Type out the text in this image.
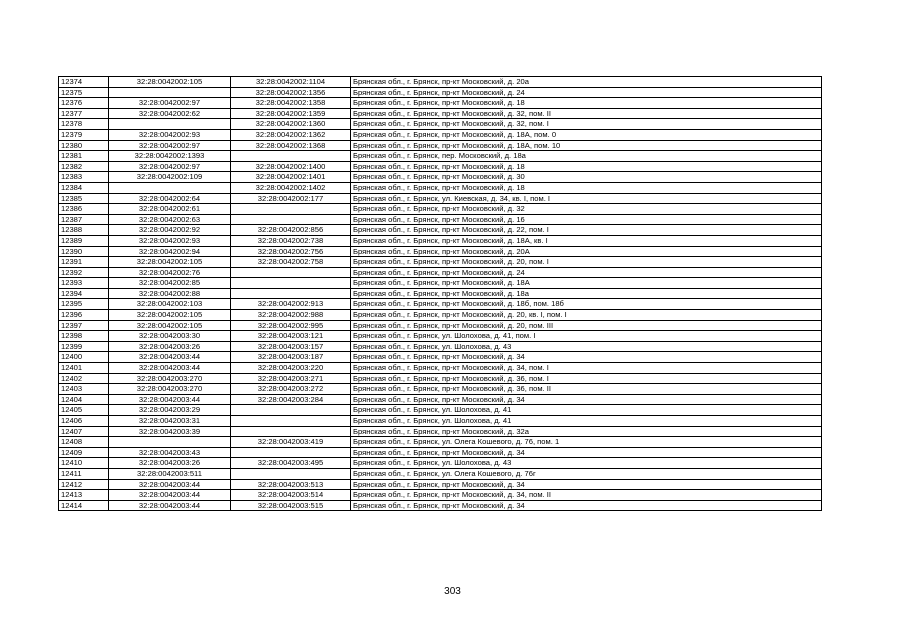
12374	32:28:0042002:105	32:28:0042002:1104	Брянская обл., г. Брянск, пр-кт Московский, д. 20а
12375		32:28:0042002:1356	Брянская обл., г. Брянск, пр-кт Московский, д. 24
12376	32:28:0042002:97	32:28:0042002:1358	Брянская обл., г. Брянск, пр-кт Московский, д. 18
12377	32:28:0042002:62	32:28:0042002:1359	Брянская обл., г. Брянск, пр-кт Московский, д. 32, пом. II
12378		32:28:0042002:1360	Брянская обл., г. Брянск, пр-кт Московский, д. 32, пом. I
12379	32:28:0042002:93	32:28:0042002:1362	Брянская обл., г. Брянск, пр-кт Московский, д. 18А, пом. 0
12380	32:28:0042002:97	32:28:0042002:1368	Брянская обл., г. Брянск, пр-кт Московский, д. 18А, пом. 10
12381	32:28:0042002:1393		Брянская обл., г. Брянск, пер. Московский, д. 18а
12382	32:28:0042002:97	32:28:0042002:1400	Брянская обл., г. Брянск, пр-кт Московский, д. 18
12383	32:28:0042002:109	32:28:0042002:1401	Брянская обл., г. Брянск, пр-кт Московский, д. 30
12384		32:28:0042002:1402	Брянская обл., г. Брянск, пр-кт Московский, д. 18
12385	32:28:0042002:64	32:28:0042002:177	Брянская обл., г. Брянск, ул. Киевская, д. 34, кв. I, пом. I
12386	32:28:0042002:61		Брянская обл., г. Брянск, пр-кт Московский, д. 32
12387	32:28:0042002:63		Брянская обл., г. Брянск, пр-кт Московский, д. 16
12388	32:28:0042002:92	32:28:0042002:856	Брянская обл., г. Брянск, пр-кт Московский, д. 22, пом. I
12389	32:28:0042002:93	32:28:0042002:738	Брянская обл., г. Брянск, пр-кт Московский, д. 18А, кв. I
12390	32:28:0042002:94	32:28:0042002:756	Брянская обл., г. Брянск, пр-кт Московский, д. 20А
12391	32:28:0042002:105	32:28:0042002:758	Брянская обл., г. Брянск, пр-кт Московский, д. 20, пом. I
12392	32:28:0042002:76		Брянская обл., г. Брянск, пр-кт Московский, д. 24
12393	32:28:0042002:85		Брянская обл., г. Брянск, пр-кт Московский, д. 18А
12394	32:28:0042002:88		Брянская обл., г. Брянск, пр-кт Московский, д. 18а
12395	32:28:0042002:103	32:28:0042002:913	Брянская обл., г. Брянск, пр-кт Московский, д. 18б, пом. 18б
12396	32:28:0042002:105	32:28:0042002:988	Брянская обл., г. Брянск, пр-кт Московский, д. 20, кв. I, пом. I
12397	32:28:0042002:105	32:28:0042002:995	Брянская обл., г. Брянск, пр-кт Московский, д. 20, пом. III
12398	32:28:0042003:30	32:28:0042003:121	Брянская обл., г. Брянск, ул. Шолохова, д. 41, пом. I
12399	32:28:0042003:26	32:28:0042003:157	Брянская обл., г. Брянск, ул. Шолохова, д. 43
12400	32:28:0042003:44	32:28:0042003:187	Брянская обл., г. Брянск, пр-кт Московский, д. 34
12401	32:28:0042003:44	32:28:0042003:220	Брянская обл., г. Брянск, пр-кт Московский, д. 34, пом. I
12402	32:28:0042003:270	32:28:0042003:271	Брянская обл., г. Брянск, пр-кт Московский, д. 36, пом. I
12403	32:28:0042003:270	32:28:0042003:272	Брянская обл., г. Брянск, пр-кт Московский, д. 36, пом. II
12404	32:28:0042003:44	32:28:0042003:284	Брянская обл., г. Брянск, пр-кт Московский, д. 34
12405	32:28:0042003:29		Брянская обл., г. Брянск, ул. Шолохова, д. 41
12406	32:28:0042003:31		Брянская обл., г. Брянск, ул. Шолохова, д. 41
12407	32:28:0042003:39		Брянская обл., г. Брянск, пр-кт Московский, д. 32а
12408		32:28:0042003:419	Брянская обл., г. Брянск, ул. Олега Кошевого, д. 76, пом. 1
12409	32:28:0042003:43		Брянская обл., г. Брянск, пр-кт Московский, д. 34
12410	32:28:0042003:26	32:28:0042003:495	Брянская обл., г. Брянск, ул. Шолохова, д. 43
12411	32:28:0042003:511		Брянская обл., г. Брянск, ул. Олега Кошевого, д. 76г
12412	32:28:0042003:44	32:28:0042003:513	Брянская обл., г. Брянск, пр-кт Московский, д. 34
12413	32:28:0042003:44	32:28:0042003:514	Брянская обл., г. Брянск, пр-кт Московский, д. 34, пом. II
12414	32:28:0042003:44	32:28:0042003:515	Брянская обл., г. Брянск, пр-кт Московский, д. 34
303
